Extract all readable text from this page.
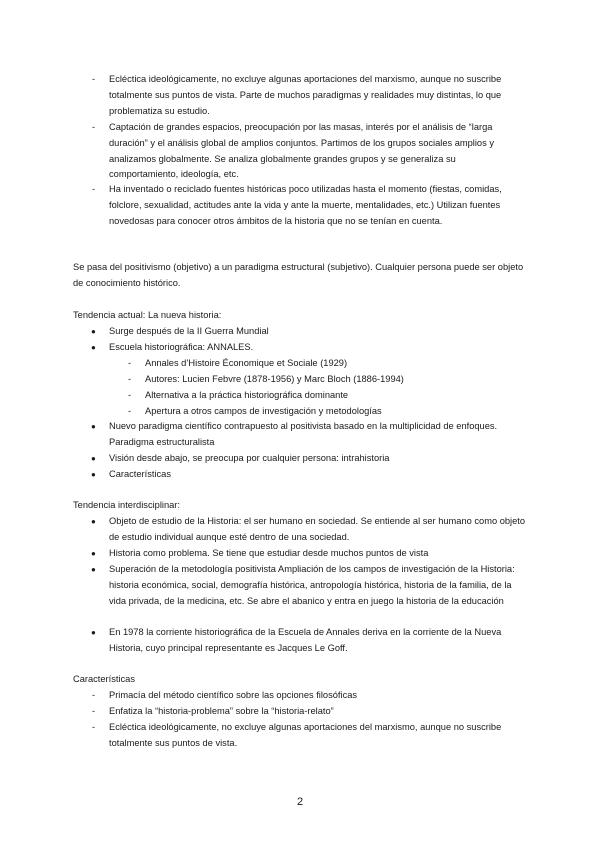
- Ecléctica ideológicamente, no excluye algunas aportaciones del marxismo, aunque no suscribe totalmente sus puntos de vista. Parte de muchos paradigmas y realidades muy distintas, lo que problematiza su estudio.
- Captación de grandes espacios, preocupación por las masas, interés por el análisis de “larga duración” y el análisis global de amplios conjuntos. Partimos de los grupos sociales amplios y analizamos globalmente. Se analiza globalmente grandes grupos y se generaliza su comportamiento, ideología, etc.
- Ha inventado o reciclado fuentes históricas poco utilizadas hasta el momento (fiestas, comidas, folclore, sexualidad, actitudes ante la vida y ante la muerte, mentalidades, etc.) Utilizan fuentes novedosas para conocer otros ámbitos de la historia que no se tenían en cuenta.

Se pasa del positivismo (objetivo) a un paradigma estructural (subjetivo). Cualquier persona puede ser objeto de conocimiento histórico.

Tendencia actual: La nueva historia:
● Surge después de la II Guerra Mundial
● Escuela historiográfica: ANNALES.
- Annales d’Histoire Économique et Sociale (1929)
- Autores: Lucien Febvre (1878-1956) y Marc Bloch (1886-1994)
- Alternativa a la práctica historiográfica dominante
- Apertura a otros campos de investigación y metodologías
● Nuevo paradigma científico contrapuesto al positivista basado en la multiplicidad de enfoques. Paradigma estructuralista
● Visión desde abajo, se preocupa por cualquier persona: intrahistoria
● Características
Tendencia interdisciplinar:
● Objeto de estudio de la Historia: el ser humano en sociedad. Se entiende al ser humano como objeto de estudio individual aunque esté dentro de una sociedad.
● Historia como problema. Se tiene que estudiar desde muchos puntos de vista
● Superación de la metodología positivista Ampliación de los campos de investigación de la Historia: historia económica, social, demografía histórica, antropología histórica, historia de la familia, de la vida privada, de la medicina, etc. Se abre el abanico y entra en juego la historia de la educación
● En 1978 la corriente historiográfica de la Escuela de Annales deriva en la corriente de la Nueva Historia, cuyo principal representante es Jacques Le Goff.
Características
- Primacía del método científico sobre las opciones filosóficas
- Enfatiza la “historia-problema” sobre la “historia-relato”
- Ecléctica ideológicamente, no excluye algunas aportaciones del marxismo, aunque no suscribe totalmente sus puntos de vista.
2
